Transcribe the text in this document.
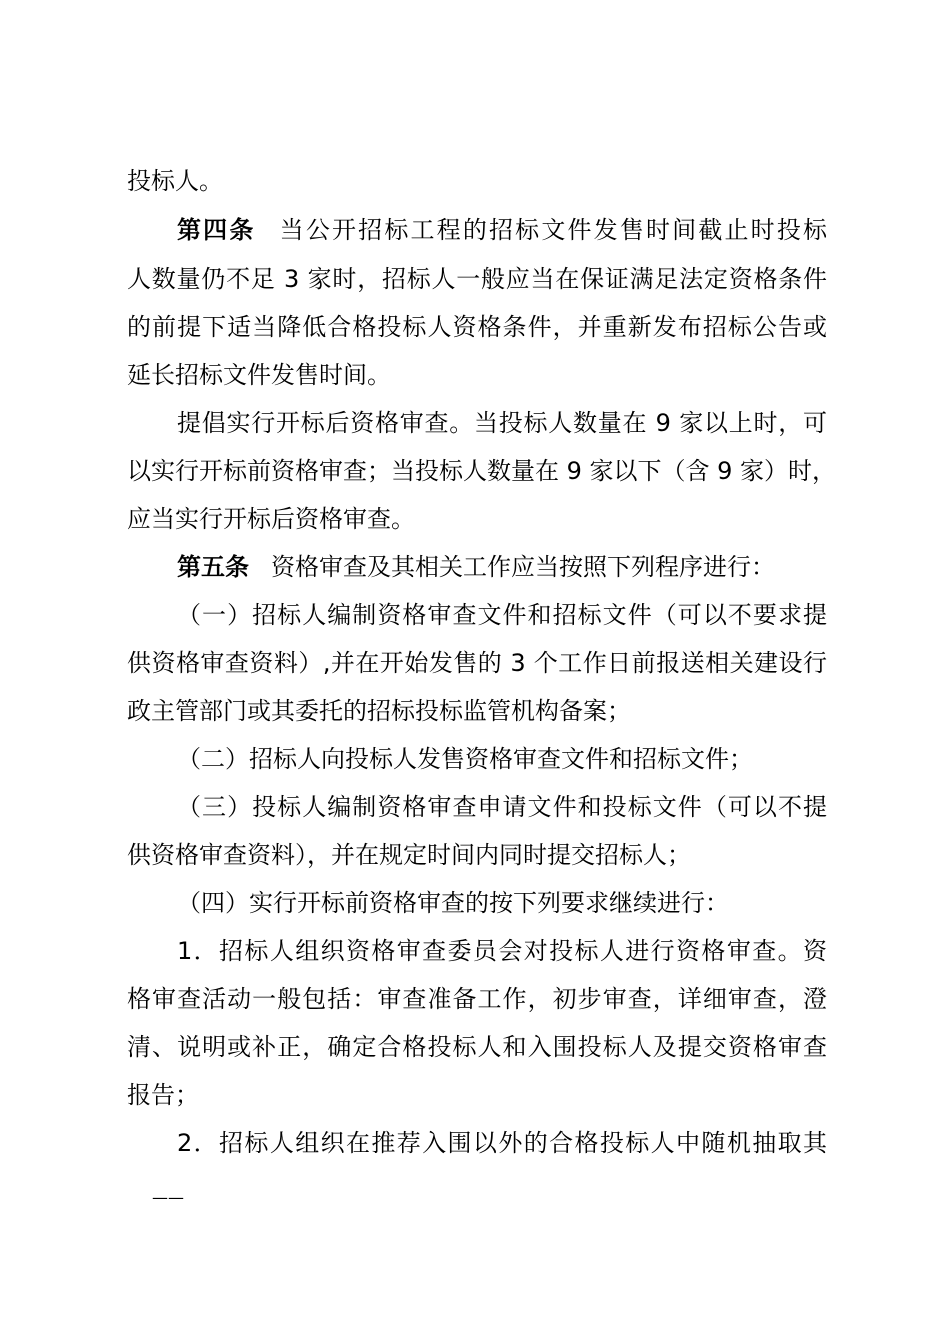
投标人。
第四条 当公开招标工程的招标文件发售时间截止时投标
人数量仍不足 3 家时，招标人一般应当在保证满足法定资格条件
的前提下适当降低合格投标人资格条件，并重新发布招标公告或
延长招标文件发售时间。
提倡实行开标后资格审查。当投标人数量在 9 家以上时，可
以实行开标前资格审查；当投标人数量在 9 家以下（含 9 家）时，
应当实行开标后资格审查。
第五条 资格审查及其相关工作应当按照下列程序进行：
（一）招标人编制资格审查文件和招标文件（可以不要求提
供资格审查资料）,并在开始发售的 3 个工作日前报送相关建设行
政主管部门或其委托的招标投标监管机构备案；
（二）招标人向投标人发售资格审查文件和招标文件；
（三）投标人编制资格审查申请文件和投标文件（可以不提
供资格审查资料），并在规定时间内同时提交招标人；
（四）实行开标前资格审查的按下列要求继续进行：
1．招标人组织资格审查委员会对投标人进行资格审查。资
格审查活动一般包括：审查准备工作，初步审查，详细审查，澄
清、说明或补正，确定合格投标人和入围投标人及提交资格审查
报告；
2．招标人组织在推荐入围以外的合格投标人中随机抽取其
——
